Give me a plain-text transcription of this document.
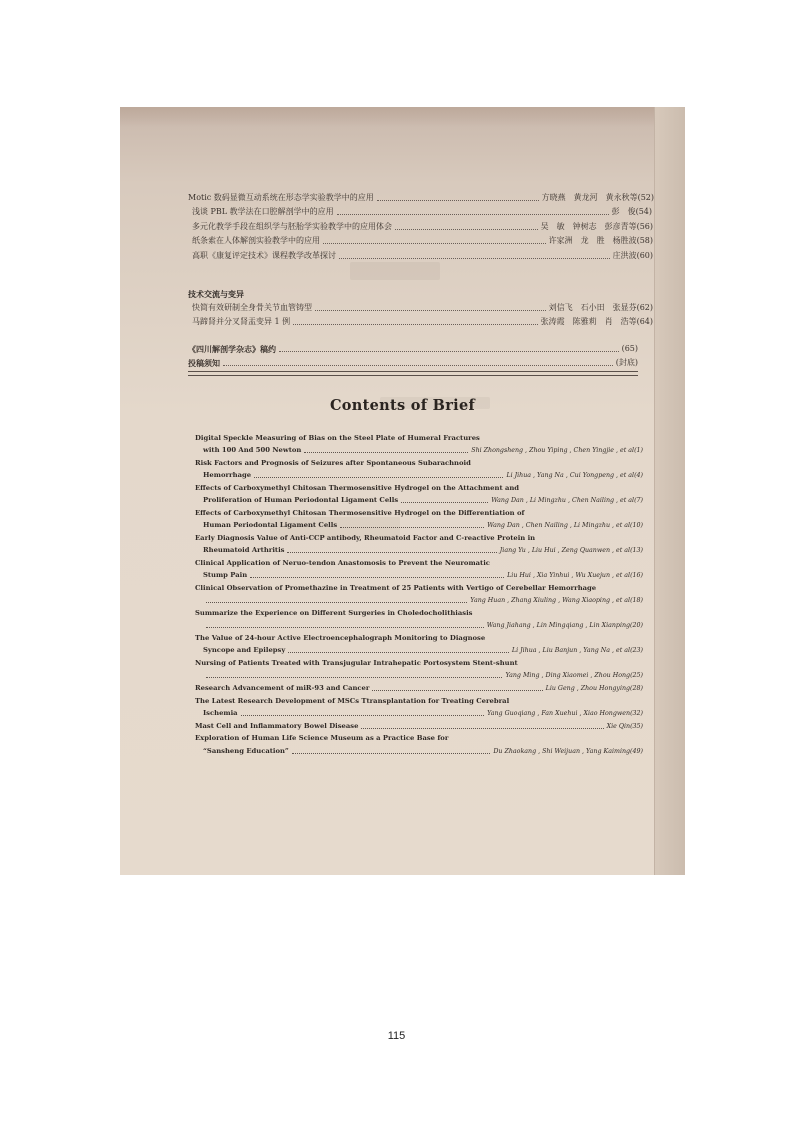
Motic 数码显微互动系统在形态学实验教学中的应用	方晓燕　黄龙河　黄永秋等(52)
浅谈 PBL 教学法在口腔解剖学中的应用	彭　俊(54)
多元化教学手段在组织学与胚胎学实验教学中的应用体会	吴　敏　钟树志　彭彦青等(56)
纸条索在人体解剖实验教学中的应用	许家洲　龙　胜　杨胜波(58)
高职《康复评定技术》课程教学改革探讨	庄洪波(60)
技术交流与变异
快简有效研制全身骨关节血管铸型	刘信飞　石小田　张显芬(62)
马蹄肾并分叉肾盂变异 1 例	张涛霞　陈雅莉　肖　浩等(64)
《四川解剖学杂志》稿约	(65)
投稿须知	(封底)
Contents of Brief
Digital Speckle Measuring of Bias on the Steel Plate of Humeral Fractures
with 100 And 500 Newton	Shi Zhongsheng , Zhou Yiping , Chen Yingjie , et al(1)
Risk Factors and Prognosis of Seizures after Spontaneous Subarachnoid
Hemorrhage	Li Jihua , Yang Na , Cui Yongpeng , et al(4)
Effects of Carboxymethyl Chitosan Thermosensitive Hydrogel on the Attachment and
Proliferation of Human Periodontal Ligament Cells	Wang Dan , Li Mingzhu , Chen Nailing , et al(7)
Effects of Carboxymethyl Chitosan Thermosensitive Hydrogel on the Differentiation of
Human Periodontal Ligament Cells	Wang Dan , Chen Nailing , Li Mingzhu , et al(10)
Early Diagnosis Value of Anti-CCP antibody, Rheumatoid Factor and C-reactive Protein in
Rheumatoid Arthritis	Jiang Yu , Liu Hui , Zeng Quanwen , et al(13)
Clinical Application of Neruo-tendon Anastomosis to Prevent the Neuromatic
Stump Pain	Liu Hui , Xia Yinhui , Wu Xuejun , et al(16)
Clinical Observation of Promethazine in Treatment of 25 Patients with Vertigo of Cerebellar Hemorrhage
Yang Huan , Zhang Xiuling , Wang Xiaoping , et al(18)
Summarize the Experience on Different Surgeries in Choledocholithiasis
Wang Jiahang , Lin Mingqiang , Lin Xianping(20)
The Value of 24-hour Active Electroencephalograph Monitoring to Diagnose
Syncope and Epilepsy	Li Jihua , Liu Banjun , Yang Na , et al(23)
Nursing of Patients Treated with Transjugular Intrahepatic Portosystem Stent-shunt
Yang Ming , Ding Xiaomei , Zhou Hong(25)
Research Advancement of miR-93 and Cancer	Liu Geng , Zhou Hongying(28)
The Latest Research Development of MSCs Ttransplantation for Treating Cerebral
Ischemia	Yang Guoqiang , Fan Xuehui , Xiao Hongwen(32)
Mast Cell and Inflammatory Bowel Disease	Xie Qin(35)
Exploration of Human Life Science Museum as a Practice Base for
“Sansheng Education”	Du Zhaokang , Shi Weijuan , Yang Kaiming(49)
115
